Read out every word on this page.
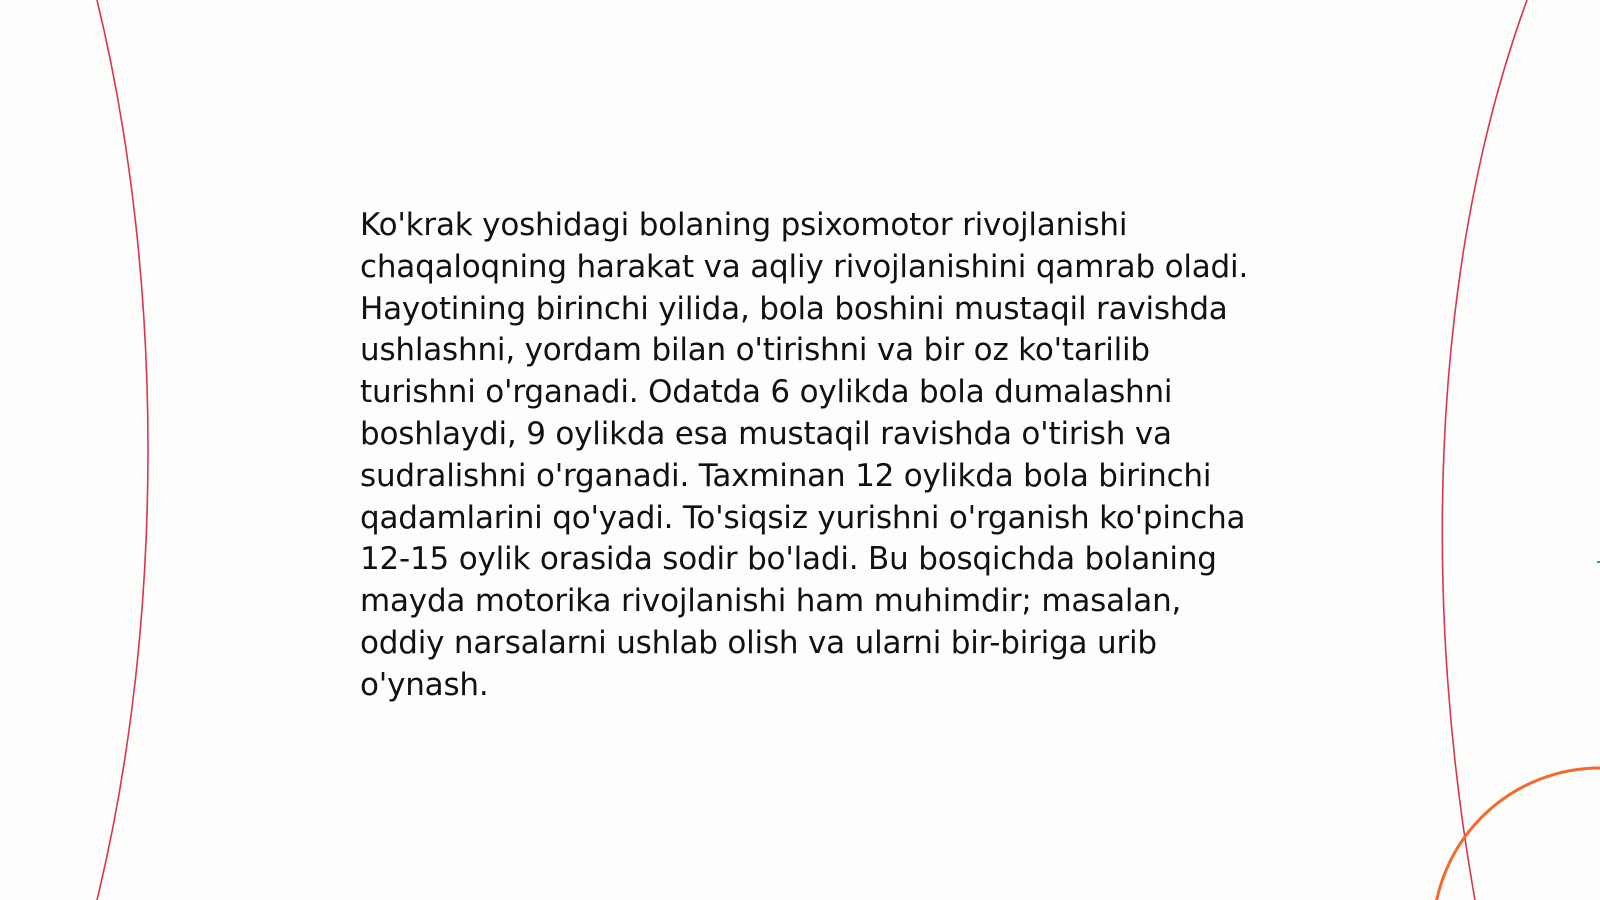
Ko'krak yoshidagi bolaning psixomotor rivojlanishi chaqaloqning harakat va aqliy rivojlanishini qamrab oladi. Hayotining birinchi yilida, bola boshini mustaqil ravishda ushlashni, yordam bilan o'tirishni va bir oz ko'tarilib turishni o'rganadi. Odatda 6 oylikda bola dumalashni boshlaydi, 9 oylikda esa mustaqil ravishda o'tirish va sudralishni o'rganadi. Taxminan 12 oylikda bola birinchi qadamlarini qo'yadi. To'siqsiz yurishni o'rganish ko'pincha 12-15 oylik orasida sodir bo'ladi. Bu bosqichda bolaning mayda motorika rivojlanishi ham muhimdir; masalan, oddiy narsalarni ushlab olish va ularni bir-biriga urib o'ynash.
